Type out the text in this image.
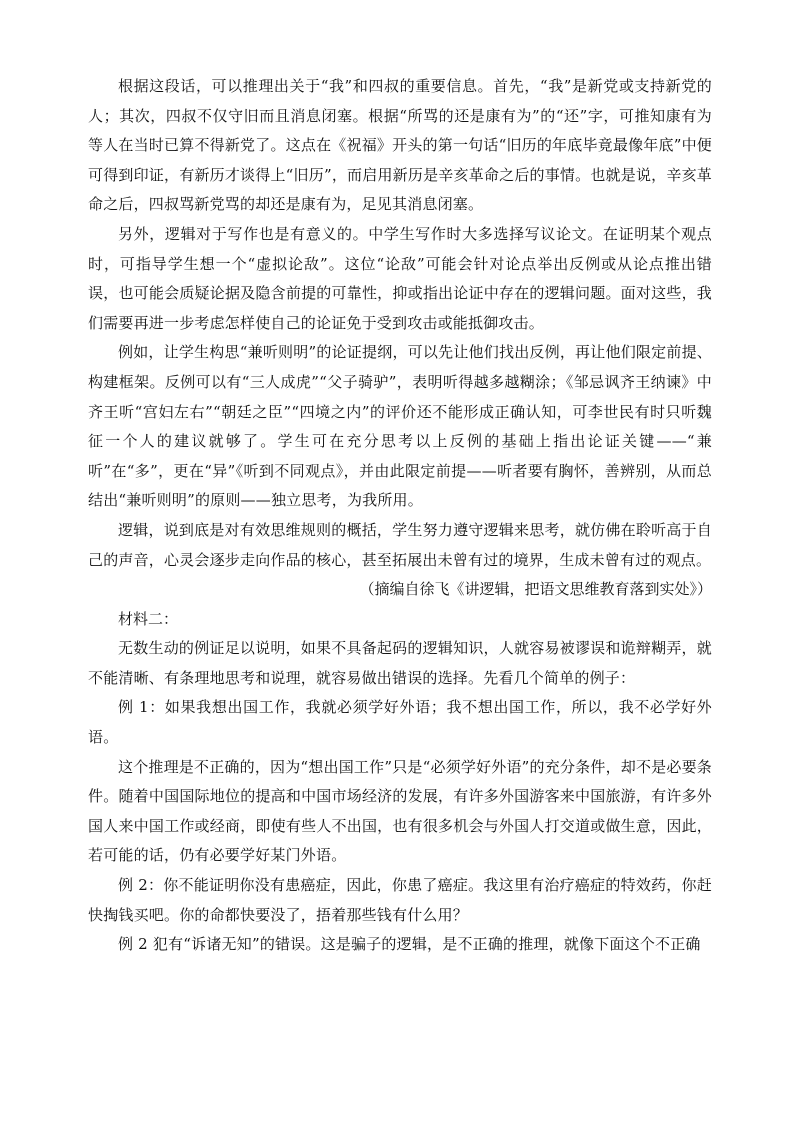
根据这段话，可以推理出关于“我”和四叔的重要信息。首先，“我”是新党或支持新党的人；其次，四叔不仅守旧而且消息闭塞。根据“所骂的还是康有为”的“还”字，可推知康有为等人在当时已算不得新党了。这点在《祝福》开头的第一句话“旧历的年底毕竟最像年底”中便可得到印证，有新历才谈得上“旧历”，而启用新历是辛亥革命之后的事情。也就是说，辛亥革命之后，四叔骂新党骂的却还是康有为，足见其消息闭塞。

另外，逻辑对于写作也是有意义的。中学生写作时大多选择写议论文。在证明某个观点时，可指导学生想一个“虚拟论敌”。这位“论敌”可能会针对论点举出反例或从论点推出错误，也可能会质疑论据及隐含前提的可靠性，抑或指出论证中存在的逻辑问题。面对这些，我们需要再进一步考虑怎样使自己的论证免于受到攻击或能抵御攻击。

例如，让学生构思“兼听则明”的论证提纲，可以先让他们找出反例，再让他们限定前提、构建框架。反例可以有“三人成虎”“父子骑驴”，表明听得越多越糊涂；《邹忌讽齐王纳谏》中齐王听“宫妇左右”“朝廷之臣”“四境之内”的评价还不能形成正确认知，可李世民有时只听魏征一个人的建议就够了。学生可在充分思考以上反例的基础上指出论证关键——“兼听”在“多”，更在“异”《听到不同观点》，并由此限定前提——听者要有胸怀，善辨别，从而总结出“兼听则明”的原则——独立思考，为我所用。

逻辑，说到底是对有效思维规则的概括，学生努力遵守逻辑来思考，就仿佛在聆听高于自己的声音，心灵会逐步走向作品的核心，甚至拓展出未曾有过的境界，生成未曾有过的观点。

（摘编自徐飞《讲逻辑，把语文思维教育落到实处》）

材料二：

无数生动的例证足以说明，如果不具备起码的逻辑知识，人就容易被谬误和诡辩糊弄，就不能清晰、有条理地思考和说理，就容易做出错误的选择。先看几个简单的例子：

例 1：如果我想出国工作，我就必须学好外语；我不想出国工作，所以，我不必学好外语。

这个推理是不正确的，因为“想出国工作”只是“必须学好外语”的充分条件，却不是必要条件。随着中国国际地位的提高和中国市场经济的发展，有许多外国游客来中国旅游，有许多外国人来中国工作或经商，即使有些人不出国，也有很多机会与外国人打交道或做生意，因此，若可能的话，仍有必要学好某门外语。

例 2：你不能证明你没有患癌症，因此，你患了癌症。我这里有治疗癌症的特效药，你赶快掏钱买吧。你的命都快要没了，捂着那些钱有什么用？

例 2 犯有“诉诸无知”的错误。这是骗子的逻辑，是不正确的推理，就像下面这个不正确
